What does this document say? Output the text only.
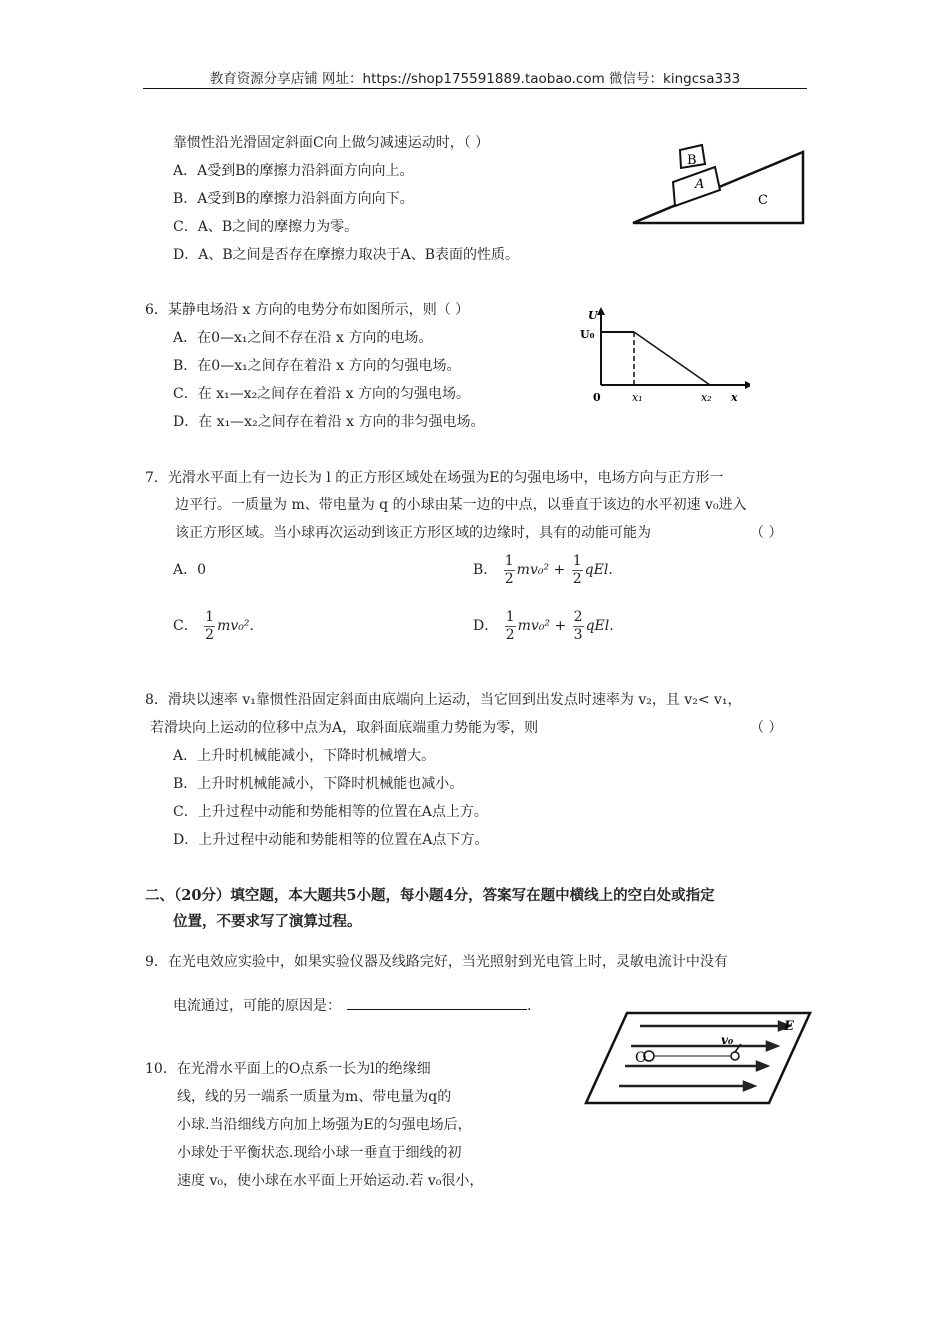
教育资源分享店铺 网址：https://shop175591889.taobao.com 微信号：kingcsa333
靠惯性沿光滑固定斜面C向上做匀减速运动时，（ ）
A．A受到B的摩擦力沿斜面方向向上。
B．A受到B的摩擦力沿斜面方向向下。
C．A、B之间的摩擦力为零。
D．A、B之间是否存在摩擦力取决于A、B表面的性质。
B
A
C
6．某静电场沿 x 方向的电势分布如图所示，则（ ）
A．在0—x₁之间不存在沿 x 方向的电场。
B．在0—x₁之间存在着沿 x 方向的匀强电场。
C．在 x₁—x₂之间存在着沿 x 方向的匀强电场。
D．在 x₁—x₂之间存在着沿 x 方向的非匀强电场。
U
U₀
0	x₁	x₂ x
7．光滑水平面上有一边长为 l 的正方形区域处在场强为E的匀强电场中，电场方向与正方形一
边平行。一质量为 m、带电量为 q 的小球由某一边的中点，以垂直于该边的水平初速 v₀进入
该正方形区域。当小球再次运动到该正方形区域的边缘时，具有的动能可能为	（ ）
A．0	B． $\frac{1}{2} mv_0^2 + \frac{1}{2}$ qEl.
C． $\frac{1}{2} mv_0^2$.	D． $\frac{1}{2} mv_0^2 + \frac{2}{3}$ qEl.
8．滑块以速率 v₁靠惯性沿固定斜面由底端向上运动，当它回到出发点时速率为 v₂，且 v₂< v₁，
若滑块向上运动的位移中点为A，取斜面底端重力势能为零，则	（ ）
A．上升时机械能减小，下降时机械增大。
B．上升时机械能减小，下降时机械能也减小。
C．上升过程中动能和势能相等的位置在A点上方。
D．上升过程中动能和势能相等的位置在A点下方。
二、（20分）填空题，本大题共5小题，每小题4分，答案写在题中横线上的空白处或指定
位置，不要求写了演算过程。
9．在光电效应实验中，如果实验仪器及线路完好，当光照射到光电管上时，灵敏电流计中没有
电流通过，可能的原因是：	.
10．在光滑水平面上的O点系一长为l的绝缘细
线，线的另一端系一质量为m、带电量为q的
小球.当沿细线方向加上场强为E的匀强电场后，
小球处于平衡状态.现给小球一垂直于细线的初
速度 v₀，使小球在水平面上开始运动.若 v₀很小，
O
v₀
E
